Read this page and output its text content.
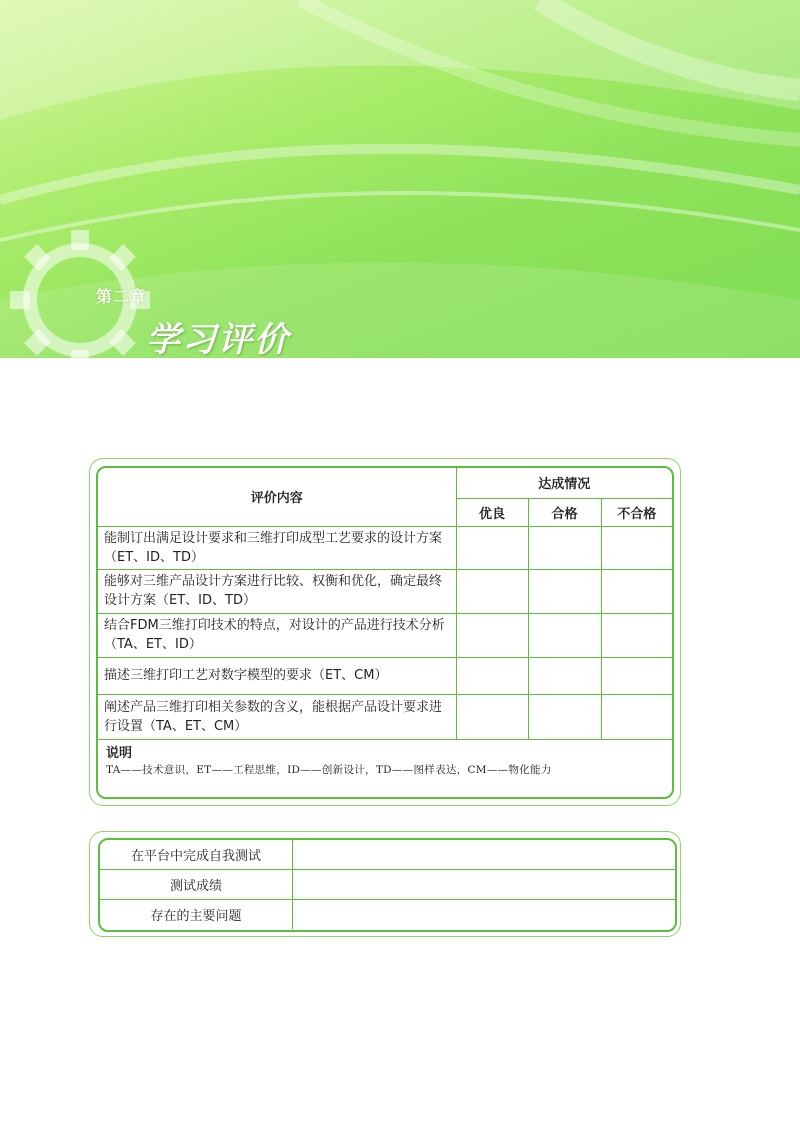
第二章
学习评价
评价内容	达成情况		
	优良	合格	不合格
能制订出满足设计要求和三维打印成型工艺要求的设计方案（ET、ID、TD）			
能够对三维产品设计方案进行比较、权衡和优化，确定最终设计方案（ET、ID、TD）			
结合FDM三维打印技术的特点，对设计的产品进行技术分析（TA、ET、ID）			
描述三维打印工艺对数字模型的要求（ET、CM）			
阐述产品三维打印相关参数的含义，能根据产品设计要求进行设置（TA、ET、CM）			
说明
TA——技术意识，ET——工程思维，ID——创新设计，TD——图样表达，CM——物化能力
在平台中完成自我测试	
测试成绩	
存在的主要问题	
